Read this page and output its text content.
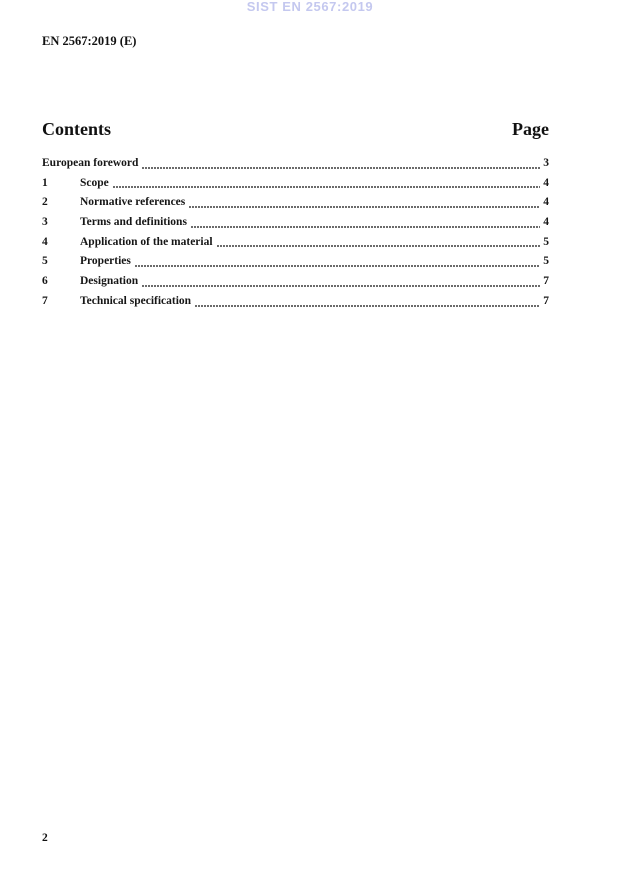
SIST EN 2567:2019
EN 2567:2019 (E)
Contents	Page
European foreword	3
1	Scope	4
2	Normative references	4
3	Terms and definitions	4
4	Application of the material	5
5	Properties	5
6	Designation	7
7	Technical specification	7
2
